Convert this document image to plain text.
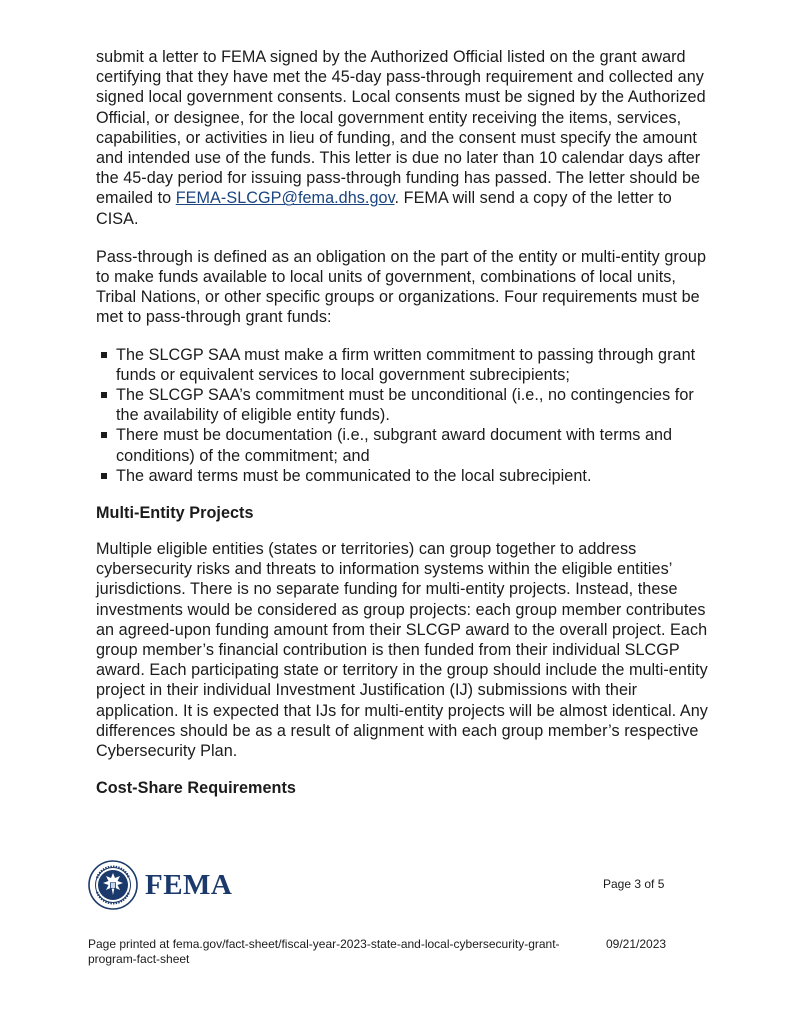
submit a letter to FEMA signed by the Authorized Official listed on the grant award certifying that they have met the 45-day pass-through requirement and collected any signed local government consents. Local consents must be signed by the Authorized Official, or designee, for the local government entity receiving the items, services, capabilities, or activities in lieu of funding, and the consent must specify the amount and intended use of the funds. This letter is due no later than 10 calendar days after the 45-day period for issuing pass-through funding has passed. The letter should be emailed to FEMA-SLCGP@fema.dhs.gov. FEMA will send a copy of the letter to CISA.

Pass-through is defined as an obligation on the part of the entity or multi-entity group to make funds available to local units of government, combinations of local units, Tribal Nations, or other specific groups or organizations. Four requirements must be met to pass-through grant funds:

The SLCGP SAA must make a firm written commitment to passing through grant funds or equivalent services to local government subrecipients;
The SLCGP SAA’s commitment must be unconditional (i.e., no contingencies for the availability of eligible entity funds).
There must be documentation (i.e., subgrant award document with terms and conditions) of the commitment; and
The award terms must be communicated to the local subrecipient.
Multi-Entity Projects

Multiple eligible entities (states or territories) can group together to address cybersecurity risks and threats to information systems within the eligible entities’ jurisdictions. There is no separate funding for multi-entity projects. Instead, these investments would be considered as group projects: each group member contributes an agreed-upon funding amount from their SLCGP award to the overall project. Each group member’s financial contribution is then funded from their individual SLCGP award. Each participating state or territory in the group should include the multi-entity project in their individual Investment Justification (IJ) submissions with their application. It is expected that IJs for multi-entity projects will be almost identical. Any differences should be as a result of alignment with each group member’s respective Cybersecurity Plan.

Cost-Share Requirements
FEMA	Page 3 of 5
Page printed at fema.gov/fact-sheet/fiscal-year-2023-state-and-local-cybersecurity-grant-program-fact-sheet
09/21/2023
